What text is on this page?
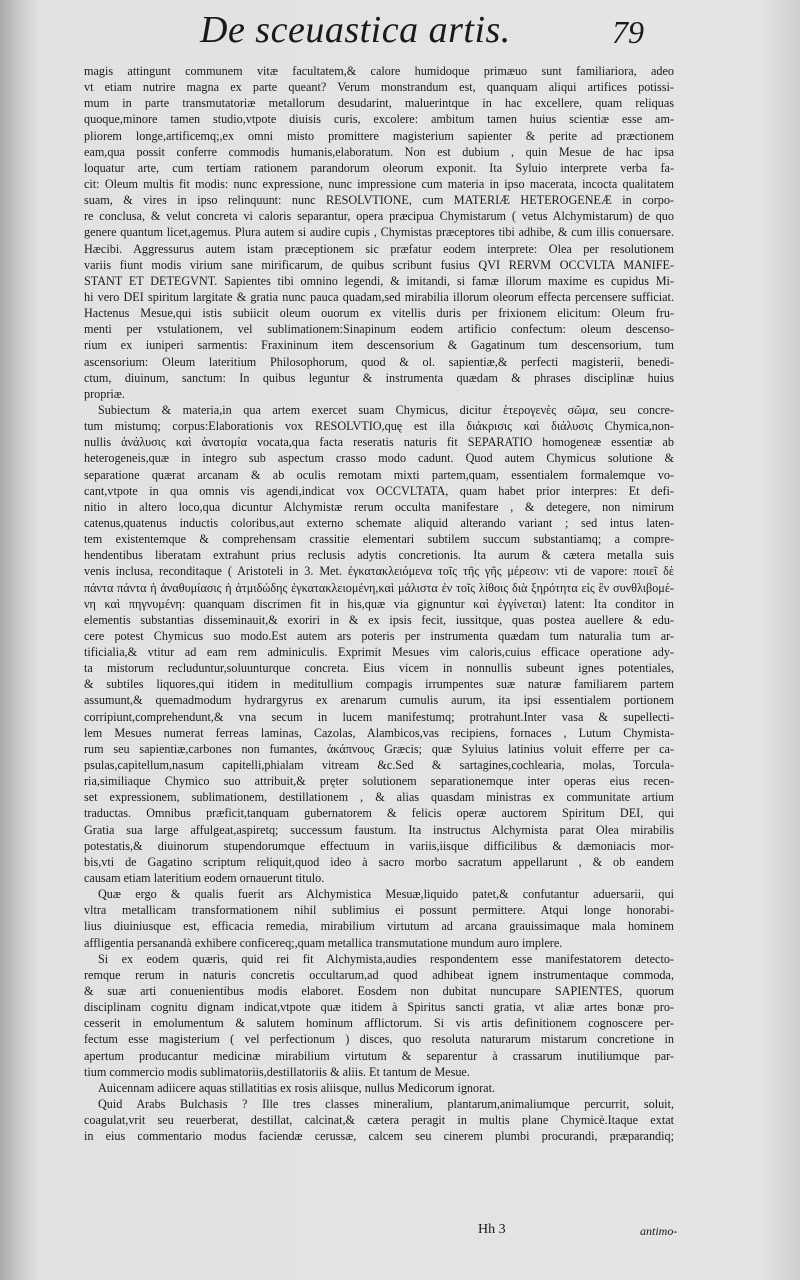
De sceuastica artis.	79
magis attingunt communem vitæ facultatem,& calore humidoque primæuo sunt familiariora, adeo
vt etiam nutrire magna ex parte queant? Verum monstrandum est, quanquam aliqui artifices potissi-
mum in parte transmutatoriæ metallorum desudarint, maluerintque in hac excellere, quam reliquas
quoque,minore tamen studio,vtpote diuisis curis, excolere: ambitum tamen huius scientiæ esse am-
pliorem longe,artificemq;,ex omni misto promittere magisterium sapienter & perite ad præctionem
eam,qua possit conferre commodis humanis,elaboratum. Non est dubium , quin Mesue de hac ipsa
loquatur arte, cum tertiam rationem parandorum oleorum exponit. Ita Syluio interprete verba fa-
cit: Oleum multis fit modis: nunc expressione, nunc impressione cum materia in ipso macerata, incocta qualitatem
suam, & vires in ipso relinquunt: nunc RESOLVTIONE, cum MATERIÆ HETEROGENEÆ in corpo-
re conclusa, & velut concreta vi caloris separantur, opera præcipua Chymistarum ( vetus Alchymistarum) de quo
genere quantum licet,agemus. Plura autem si audire cupis , Chymistas præceptores tibi adhibe, & cum illis conuersare.
Hæcibi. Aggressurus autem istam præceptionem sic præfatur eodem interprete: Olea per resolutionem
variis fiunt modis virium sane mirificarum, de quibus scribunt fusius QVI RERVM OCCVLTA MANIFE-
STANT ET DETEGVNT. Sapientes tibi omnino legendi, & imitandi, si famæ illorum maxime es cupidus Mi-
hi vero DEI spiritum largitate & gratia nunc pauca quadam,sed mirabilia illorum oleorum effecta percensere sufficiat.
Hactenus Mesue,qui istis subiicit oleum ouorum ex vitellis duris per frixionem elicitum: Oleum fru-
menti per vstulationem, vel sublimationem:Sinapinum eodem artificio confectum: oleum descenso-
rium ex iuniperi sarmentis: Fraxininum item descensorium & Gagatinum tum descensorium, tum
ascensorium: Oleum lateritium Philosophorum, quod & ol. sapientiæ,& perfecti magisterii, benedi-
ctum, diuinum, sanctum: In quibus leguntur & instrumenta quædam & phrases disciplinæ huius
propriæ.
Subiectum & materia,in qua artem exercet suam Chymicus, dicitur ἑτερογενὲς σῶμα, seu concre-
tum mistumq; corpus:Elaborationis vox RESOLVTIO,quę est illa διάκρισις καὶ διάλυσις Chymica,non-
nullis ἀνάλυσις καὶ ἀνατομία vocata,qua facta reseratis naturis fit SEPARATIO homogeneæ essentiæ ab
heterogeneis,quæ in integro sub aspectum crasso modo cadunt. Quod autem Chymicus solutione &
separatione quærat arcanam & ab oculis remotam mixti partem,quam, essentialem formalemque vo-
cant,vtpote in qua omnis vis agendi,indicat vox OCCVLTATA, quam habet prior interpres: Et defi-
nitio in altero loco,qua dicuntur Alchymistæ rerum occulta manifestare , & detegere, non nimirum
catenus,quatenus inductis coloribus,aut externo schemate aliquid alterando variant ; sed intus laten-
tem existentemque & comprehensam crassitie elementari subtilem succum substantiamq; a compre-
hendentibus liberatam extrahunt prius reclusis adytis concretionis. Ita aurum & cætera metalla suis
venis inclusa, reconditaque ( Aristoteli in 3. Met. ἐγκατακλειόμενα τοῖς τῆς γῆς μέρεσιν: vti de vapore: ποιεῖ δὲ
πάντα πάντα ἡ ἀναθυμίασις ἡ ἀτμιδώδης ἐγκατακλειομένη,καὶ μάλιστα ἐν τοῖς λίθοις διὰ ξηρότητα εἰς ἓν συνθλιβομέ-
νη καὶ πηγνυμένη: quanquam discrimen fit in his,quæ via gignuntur καὶ ἐγγίνεται) latent: Ita conditor in
elementis substantias disseminauit,& exoriri in & ex ipsis fecit, iussitque, quas postea auellere & edu-
cere potest Chymicus suo modo.Est autem ars poteris per instrumenta quædam tum naturalia tum ar-
tificialia,& vtitur ad eam rem adminiculis. Exprimit Mesues vim caloris,cuius efficace operatione ady-
ta mistorum recluduntur,soluunturque concreta. Eius vicem in nonnullis subeunt ignes potentiales,
& subtiles liquores,qui itidem in meditullium compagis irrumpentes suæ naturæ familiarem partem
assumunt,& quemadmodum hydrargyrus ex arenarum cumulis aurum, ita ipsi essentialem portionem
corripiunt,comprehendunt,& vna secum in lucem manifestumq; protrahunt.Inter vasa & supellecti-
lem Mesues numerat ferreas laminas, Cazolas, Alambicos,vas recipiens, fornaces , Lutum Chymista-
rum seu sapientiæ,carbones non fumantes, ἀκάπνους Græcis; quæ Syluius latinius voluit efferre per ca-
psulas,capitellum,nasum capitelli,phialam vitream &c.Sed & sartagines,cochlearia, molas, Torcula-
ria,similiaque Chymico suo attribuit,& pręter solutionem separationemque inter operas eius recen-
set expressionem, sublimationem, destillationem , & alias quasdam ministras ex communitate artium
traductas. Omnibus præficit,tanquam gubernatorem & felicis operæ auctorem Spiritum DEI, qui
Gratia sua large affulgeat,aspiretq; successum faustum. Ita instructus Alchymista parat Olea mirabilis
potestatis,& diuinorum stupendorumque effectuum in variis,iisque difficilibus & dæmoniacis mor-
bis,vti de Gagatino scriptum reliquit,quod ideo à sacro morbo sacratum appellarunt , & ob eandem
causam etiam lateritium eodem ornauerunt titulo.
Quæ ergo & qualis fuerit ars Alchymistica Mesuæ,liquido patet,& confutantur aduersarii, qui
vltra metallicam transformationem nihil sublimius ei possunt permittere. Atqui longe honorabi-
lius diuiniusque est, efficacia remedia, mirabilium virtutum ad arcana grauissimaque mala hominem
affligentia persanandà exhibere conficereq;,quam metallica transmutatione mundum auro implere.
Si ex eodem quæris, quid rei fit Alchymista,audies respondentem esse manifestatorem detecto-
remque rerum in naturis concretis occultarum,ad quod adhibeat ignem instrumentaque commoda,
& suæ arti conuenientibus modis elaboret. Eosdem non dubitat nuncupare SAPIENTES, quorum
disciplinam cognitu dignam indicat,vtpote quæ itidem à Spiritus sancti gratia, vt aliæ artes bonæ pro-
cesserit in emolumentum & salutem hominum afflictorum. Si vis artis definitionem cognoscere per-
fectum esse magisterium ( vel perfectionum ) disces, quo resoluta naturarum mistarum concretione in
apertum producantur medicinæ mirabilium virtutum & separentur à crassarum inutiliumque par-
tium commercio modis sublimatoriis,destillatoriis & aliis. Et tantum de Mesue.
Auicennam adiicere aquas stillatitias ex rosis aliisque, nullus Medicorum ignorat.
Quid Arabs Bulchasis ? Ille tres classes mineralium, plantarum,animaliumque percurrit, soluit,
coagulat,vrit seu reuerberat, destillat, calcinat,& cætera peragit in multis plane Chymicè.Itaque extat
in eius commentario modus faciendæ cerussæ, calcem seu cinerem plumbi procurandi, præparandiq;
Hh 3	antimo-
